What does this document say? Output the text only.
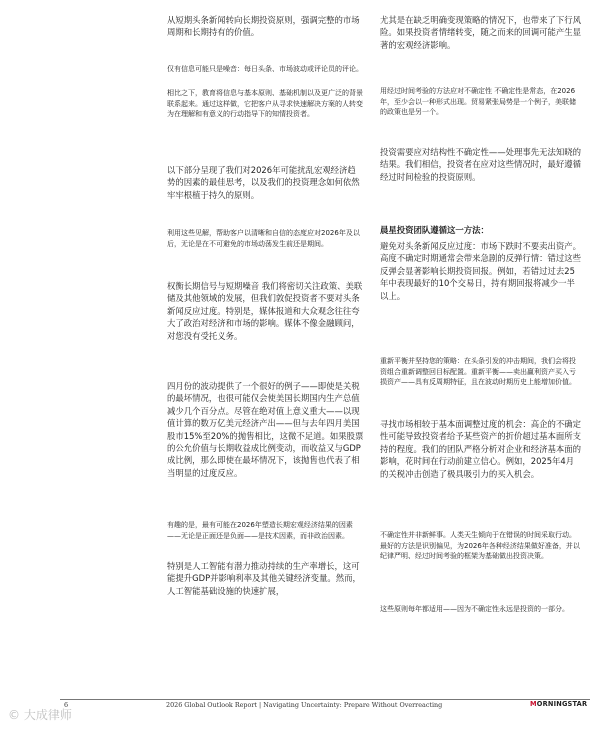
从短期头条新闻转向长期投资原则，强调完整的市场周期和长期持有的价值。

仅有信息可能只是噪音：每日头条、市场波动或评论员的评论。

相比之下，教育将信息与基本原则、基础机制以及更广泛的背景联系起来。通过这样做，它把客户从寻求快速解决方案的人转变为在理解和有意义的行动指导下的知情投资者。

以下部分呈现了我们对2026年可能扰乱宏观经济趋势的因素的最佳思考，以及我们的投资理念如何依然牢牢根植于持久的原则。

利用这些见解，帮助客户以清晰和自信的态度应对2026年及以后，无论是在不可避免的市场动荡发生前还是期间。

权衡长期信号与短期噪音 我们将密切关注政策、美联储及其他领域的发展，但我们敦促投资者不要对头条新闻反应过度。特别是，媒体报道和大众观念往往夸大了政治对经济和市场的影响。媒体不像金融顾问，对您没有受托义务。

四月份的波动提供了一个很好的例子——即使是关税的最坏情况，也很可能仅会使美国长期国内生产总值减少几个百分点。尽管在绝对值上意义重大——以现值计算的数万亿美元经济产出——但与去年四月美国股市15%至20%的抛售相比，这微不足道。如果股票的公允价值与长期收益成比例变动，而收益又与GDP成比例，那么即使在最坏情况下，该抛售也代表了相当明显的过度反应。

有趣的是，最有可能在2026年塑造长期宏观经济结果的因素——无论是正面还是负面——是技术因素，而非政治因素。

特别是人工智能有潜力推动持续的生产率增长，这可能提升GDP并影响利率及其他关键经济变量。然而，人工智能基础设施的快速扩展，

尤其是在缺乏明确变现策略的情况下，也带来了下行风险。如果投资者情绪转变，随之而来的回调可能产生显著的宏观经济影响。

用经过时间考验的方法应对不确定性 不确定性是常态，在2026年，至少会以一种形式出现。贸易紧张局势是一个例子，美联储的政策也是另一个。

投资需要应对结构性不确定性——处理事先无法知晓的结果。我们相信，投资者在应对这些情况时，最好遵循经过时间检验的投资原则。

晨星投资团队遵循这一方法：

避免对头条新闻反应过度：市场下跌时不要卖出资产。高度不确定时期通常会带来急剧的反弹行情：错过这些反弹会显著影响长期投资回报。例如，若错过过去25年中表现最好的10个交易日，持有期回报将减少一半以上。

重新平衡并坚持您的策略：在头条引发的冲击期间，我们会将投资组合重新调整回目标配置。重新平衡——卖出赢利资产买入亏损资产——具有反周期特征，且在波动时期历史上能增加价值。

寻找市场相较于基本面调整过度的机会：高企的不确定性可能导致投资者给予某些资产的折价超过基本面所支持的程度。我们的团队严格分析对企业和经济基本面的影响，花时间在行动前建立信心。例如，2025年4月的关税冲击创造了极具吸引力的买入机会。

不确定性并非新鲜事。人类天生倾向于在错误的时间采取行动。最好的方法是识别偏见，为2026年各种经济结果做好准备，并以纪律严明、经过时间考验的框架为基础做出投资决策。

这些原则每年都适用——因为不确定性永远是投资的一部分。

6	2026 Global Outlook Report | Navigating Uncertainty: Prepare Without Overreacting	MORNINGSTAR
© 大成律师
